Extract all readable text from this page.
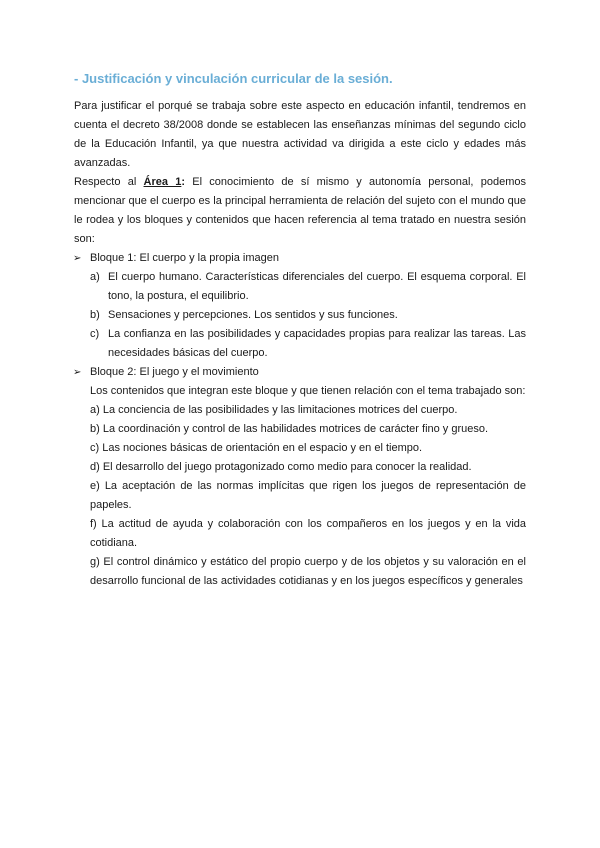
- Justificación y vinculación curricular de la sesión.

Para justificar el porqué se trabaja sobre este aspecto en educación infantil, tendremos en cuenta el decreto 38/2008 donde se establecen las enseñanzas mínimas del segundo ciclo de la Educación Infantil, ya que nuestra actividad va dirigida a este ciclo y edades más avanzadas.

Respecto al Área 1: El conocimiento de sí mismo y autonomía personal, podemos mencionar que el cuerpo es la principal herramienta de relación del sujeto con el mundo que le rodea y los bloques y contenidos que hacen referencia al tema tratado en nuestra sesión son:

➢ Bloque 1: El cuerpo y la propia imagen

a) El cuerpo humano. Características diferenciales del cuerpo. El esquema corporal. El tono, la postura, el equilibrio.
b) Sensaciones y percepciones. Los sentidos y sus funciones.
c) La confianza en las posibilidades y capacidades propias para realizar las tareas. Las necesidades básicas del cuerpo.

➢ Bloque 2: El juego y el movimiento

Los contenidos que integran este bloque y que tienen relación con el tema trabajado son:

a) La conciencia de las posibilidades y las limitaciones motrices del cuerpo.

b) La coordinación y control de las habilidades motrices de carácter fino y grueso.

c) Las nociones básicas de orientación en el espacio y en el tiempo.

d) El desarrollo del juego protagonizado como medio para conocer la realidad.

e) La aceptación de las normas implícitas que rigen los juegos de representación de papeles.

f) La actitud de ayuda y colaboración con los compañeros en los juegos y en la vida cotidiana.

g) El control dinámico y estático del propio cuerpo y de los objetos y su valoración en el desarrollo funcional de las actividades cotidianas y en los juegos específicos y generales
